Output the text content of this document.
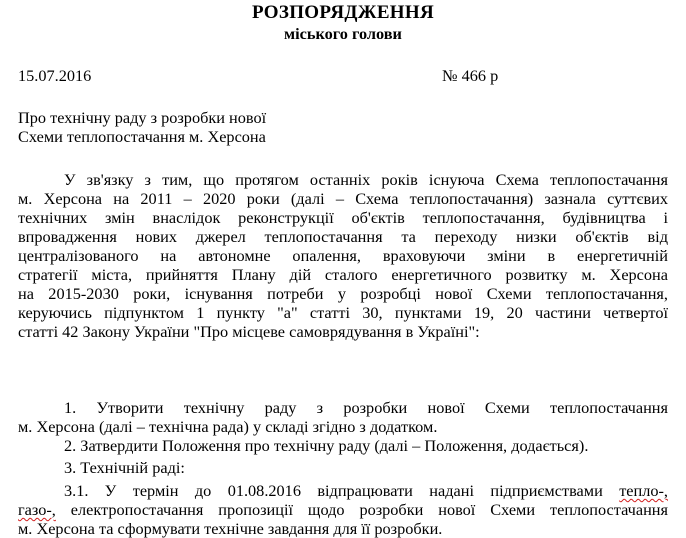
РОЗПОРЯДЖЕННЯ
міського голови
15.07.2016	№ 466 р
Про технічну раду з розробки нової
Схеми теплопостачання м. Херсона
У зв'язку з тим, що протягом останніх років існуюча Схема теплопостачання
м. Херсона на 2011 – 2020 роки (далі – Схема теплопостачання) зазнала суттєвих
технічних змін внаслідок реконструкції об'єктів теплопостачання, будівництва і
впровадження нових джерел теплопостачання та переходу низки об'єктів від
централізованого на автономне опалення, враховуючи зміни в енергетичній
стратегії міста, прийняття Плану дій сталого енергетичного розвитку м. Херсона
на 2015-2030 роки, існування потреби у розробці нової Схеми теплопостачання,
керуючись підпунктом 1 пункту "а" статті 30, пунктами 19, 20 частини четвертої
статті 42 Закону України "Про місцеве самоврядування в Україні":
1. Утворити технічну раду з розробки нової Схеми теплопостачання
м. Херсона (далі – технічна рада) у складі згідно з додатком.
2. Затвердити Положення про технічну раду (далі – Положення, додається).
3. Технічній раді:
3.1. У термін до 01.08.2016 відпрацювати надані підприємствами тепло-,
газо-, електропостачання пропозиції щодо розробки нової Схеми теплопостачання
м. Херсона та сформувати технічне завдання для її розробки.
